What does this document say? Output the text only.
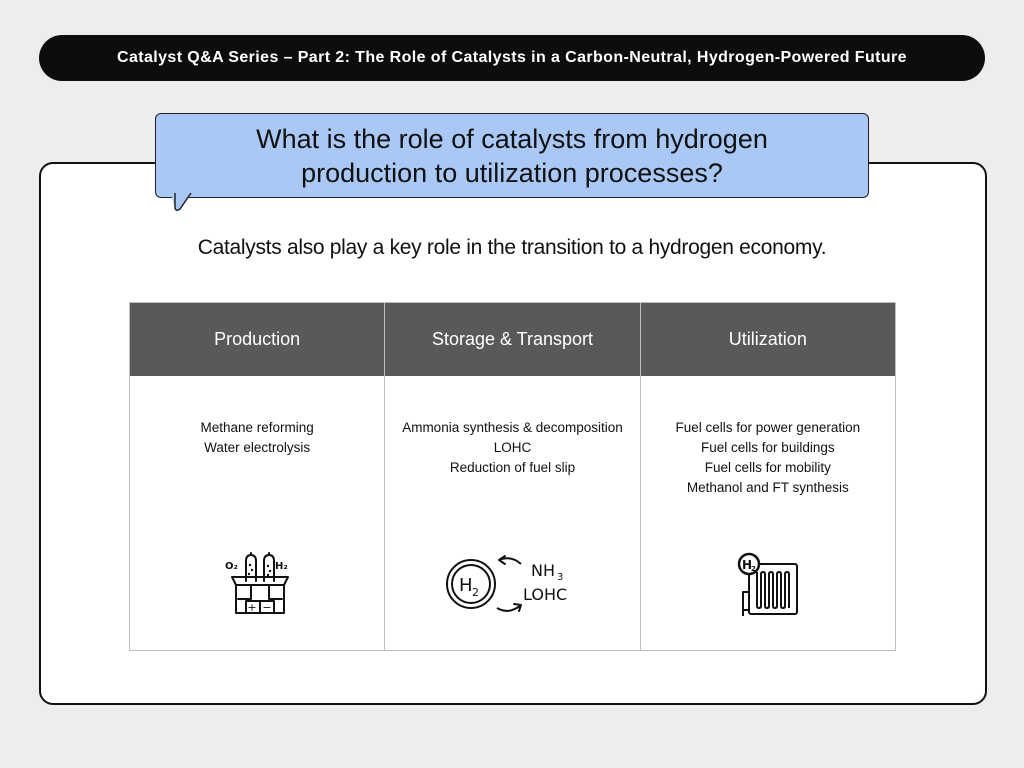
Catalyst Q&A Series – Part 2: The Role of Catalysts in a Carbon-Neutral, Hydrogen-Powered Future
What is the role of catalysts from hydrogen
production to utilization processes?
Catalysts also play a key role in the transition to a hydrogen economy.
Production
Methane reforming
Water electrolysis
+ −
O₂	H₂
Storage & Transport
Ammonia synthesis & decomposition
LOHC
Reduction of fuel slip
H 2
NH 3
LOHC
Utilization
Fuel cells for power generation
Fuel cells for buildings
Fuel cells for mobility
Methanol and FT synthesis
H
2
